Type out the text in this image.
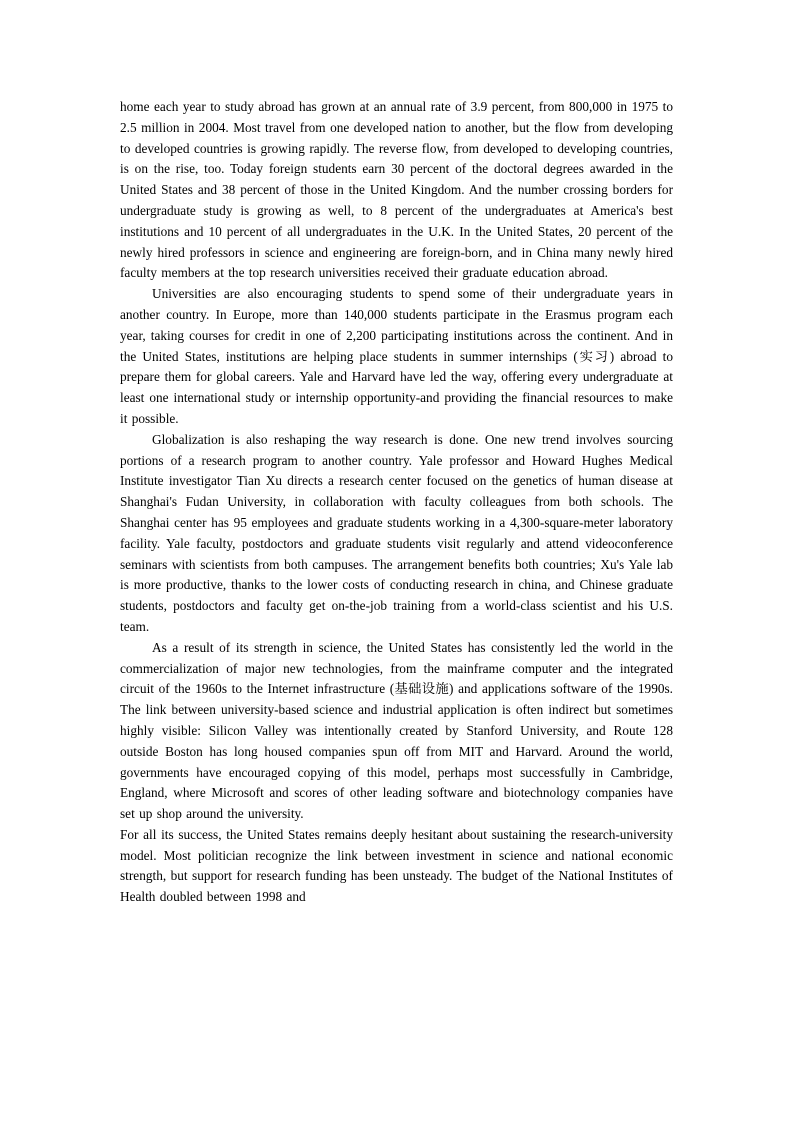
home each year to study abroad has grown at an annual rate of 3.9 percent, from 800,000 in 1975 to 2.5 million in 2004. Most travel from one developed nation to another, but the flow from developing to developed countries is growing rapidly. The reverse flow, from developed to developing countries, is on the rise, too. Today foreign students earn 30 percent of the doctoral degrees awarded in the United States and 38 percent of those in the United Kingdom. And the number crossing borders for undergraduate study is growing as well, to 8 percent of the undergraduates at America's best institutions and 10 percent of all undergraduates in the U.K. In the United States, 20 percent of the newly hired professors in science and engineering are foreign-born, and in China many newly hired faculty members at the top research universities received their graduate education abroad.

Universities are also encouraging students to spend some of their undergraduate years in another country. In Europe, more than 140,000 students participate in the Erasmus program each year, taking courses for credit in one of 2,200 participating institutions across the continent. And in the United States, institutions are helping place students in summer internships (实习) abroad to prepare them for global careers. Yale and Harvard have led the way, offering every undergraduate at least one international study or internship opportunity-and providing the financial resources to make it possible.

Globalization is also reshaping the way research is done. One new trend involves sourcing portions of a research program to another country. Yale professor and Howard Hughes Medical Institute investigator Tian Xu directs a research center focused on the genetics of human disease at Shanghai's Fudan University, in collaboration with faculty colleagues from both schools. The Shanghai center has 95 employees and graduate students working in a 4,300-square-meter laboratory facility. Yale faculty, postdoctors and graduate students visit regularly and attend videoconference seminars with scientists from both campuses. The arrangement benefits both countries; Xu's Yale lab is more productive, thanks to the lower costs of conducting research in china, and Chinese graduate students, postdoctors and faculty get on-the-job training from a world-class scientist and his U.S. team.

As a result of its strength in science, the United States has consistently led the world in the commercialization of major new technologies, from the mainframe computer and the integrated circuit of the 1960s to the Internet infrastructure (基础设施) and applications software of the 1990s. The link between university-based science and industrial application is often indirect but sometimes highly visible: Silicon Valley was intentionally created by Stanford University, and Route 128 outside Boston has long housed companies spun off from MIT and Harvard. Around the world, governments have encouraged copying of this model, perhaps most successfully in Cambridge, England, where Microsoft and scores of other leading software and biotechnology companies have set up shop around the university.

For all its success, the United States remains deeply hesitant about sustaining the research-university model. Most politician recognize the link between investment in science and national economic strength, but support for research funding has been unsteady. The budget of the National Institutes of Health doubled between 1998 and
